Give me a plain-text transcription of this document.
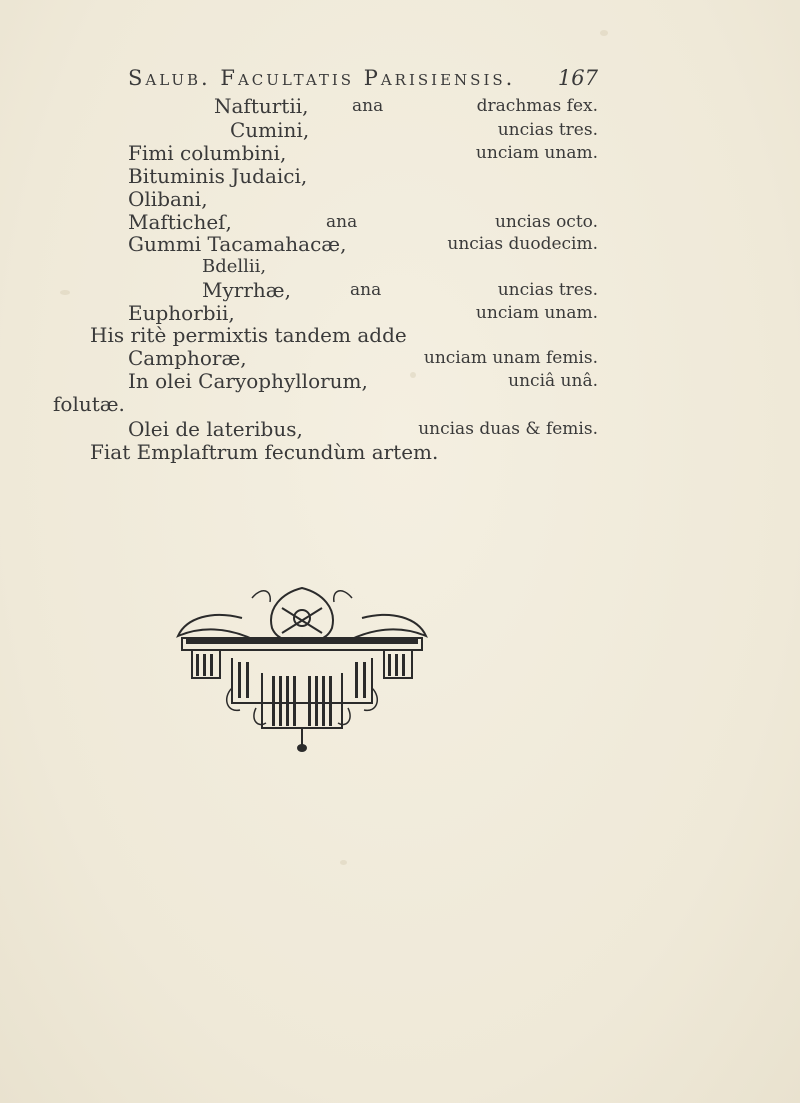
Salub. Facultatis Parisiensis. 167
Nafturtii,	ana	drachmas fex.
Cumini,	uncias tres.
Fimi columbini,	unciam unam.
Bituminis Judaici,
Olibani,
Mafticheſ,	ana	uncias octo.
Gummi Tacamahacæ,	uncias duodecim.
Bdellii,
Myrrhæ,	ana	uncias tres.
Euphorbii,	unciam unam.
His ritè permixtis tandem adde
Camphoræ,	unciam unam femis.
In olei Caryophyllorum,	unciâ unâ.
folutæ.
Olei de lateribus,	uncias duas & femis.
Fiat Emplaftrum fecundùm artem.
